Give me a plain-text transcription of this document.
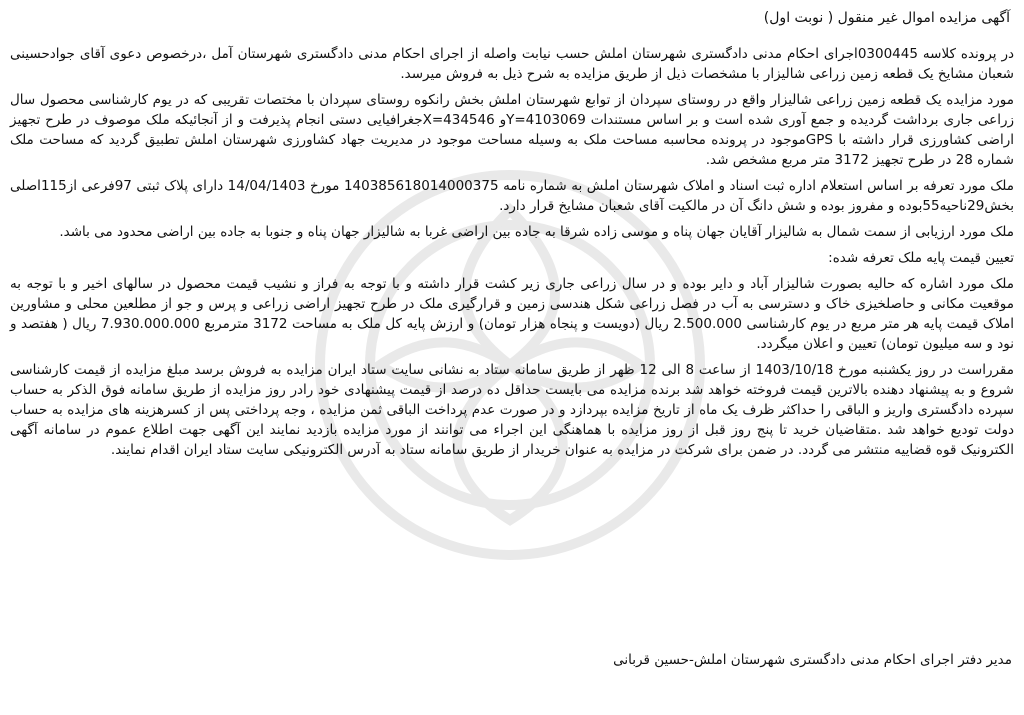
آگهی مزایده اموال غیر منقول ( نوبت اول)

در پرونده کلاسه 0300445اجرای احکام مدنی دادگستری شهرستان املش حسب نیابت واصله از اجرای احکام مدنی دادگستری شهرستان آمل ،درخصوص دعوی آقای جوادحسینی شعبان مشایخ یک قطعه زمین زراعی شالیزار با مشخصات ذیل از طریق مزایده به شرح ذیل به فروش میرسد.

مورد مزایده یک قطعه زمین زراعی شالیزار واقع در روستای سپردان از توابع شهرستان املش بخش رانکوه روستای سپردان با مختصات تقریبی که در یوم کارشناسی محصول سال زراعی جاری برداشت گردیده و جمع آوری شده است و بر اساس مستندات Y=4103069و X=434546جغرافیایی دستی انجام پذیرفت و از آنجائیکه ملک موصوف در طرح تجهیز اراضی کشاورزی قرار داشته با GPSموجود در پرونده محاسبه مساحت ملک به وسیله مساحت موجود در مدیریت جهاد کشاورزی شهرستان املش تطبیق گردید که مساحت ملک شماره 28 در طرح تجهیز 3172 متر مربع مشخص شد.

ملک مورد تعرفه بر اساس استعلام اداره ثبت اسناد و املاک شهرستان املش به شماره نامه 140385618014000375 مورخ 14/04/1403 دارای پلاک ثبتی 97فرعی از115اصلی بخش29ناحیه55بوده و مفروز بوده و شش دانگ آن در مالکیت آقای شعبان مشایخ قرار دارد.

ملک مورد ارزیابی از سمت شمال به شالیزار آقایان جهان پناه و موسی زاده شرقا به جاده بین اراضی غربا به شالیزار جهان پناه و جنوبا به جاده بین اراضی محدود می باشد.

تعیین قیمت پایه ملک تعرفه شده:

ملک مورد اشاره که حالیه بصورت شالیزار آباد و دایر بوده و در سال زراعی جاری زیر کشت قرار داشته و با توجه به فراز و نشیب قیمت محصول در سالهای اخیر و با توجه به موقعیت مکانی و حاصلخیزی خاک و دسترسی به آب در فصل زراعی شکل هندسی زمین و قرارگیری ملک در طرح تجهیز اراضی زراعی و پرس و جو از مطلعین محلی و مشاورین املاک قیمت پایه هر متر مربع در یوم کارشناسی 2.500.000 ریال (دویست و پنجاه هزار تومان) و ارزش پایه کل ملک به مساحت 3172 مترمربع 7.930.000.000 ریال ( هفتصد و نود و سه میلیون تومان) تعیین و اعلان میگردد.

مقرراست در روز یکشنبه مورخ 1403/10/18 از ساعت 8 الی 12 ظهر از طریق سامانه ستاد به نشانی سایت ستاد ایران مزایده به فروش برسد مبلغ مزایده از قیمت کارشناسی شروع و به پیشنهاد دهنده بالاترین قیمت فروخته خواهد شد برنده مزایده می بایست حداقل ده درصد از قیمت پیشنهادی خود رادر روز مزایده از طریق سامانه فوق الذکر به حساب سپرده دادگستری واریز و الباقی را حداکثر ظرف یک ماه از تاریخ مزایده بپردازد و در صورت عدم پرداخت الباقی ثمن مزایده ، وجه پرداختی پس از کسرهزینه های مزایده به حساب دولت تودیع خواهد شد .متقاضیان خرید تا پنج روز قبل از روز مزایده با هماهنگی این اجراء می توانند از مورد مزایده بازدید نمایند این آگهی جهت اطلاع عموم در سامانه آگهی الکترونیک قوه قضاییه منتشر می گردد. در ضمن برای شرکت در مزایده به عنوان خریدار از طریق سامانه ستاد به آدرس الکترونیکی سایت ستاد ایران اقدام نمایند.

مدیر دفتر اجرای احکام مدنی دادگستری شهرستان املش-حسین قربانی
